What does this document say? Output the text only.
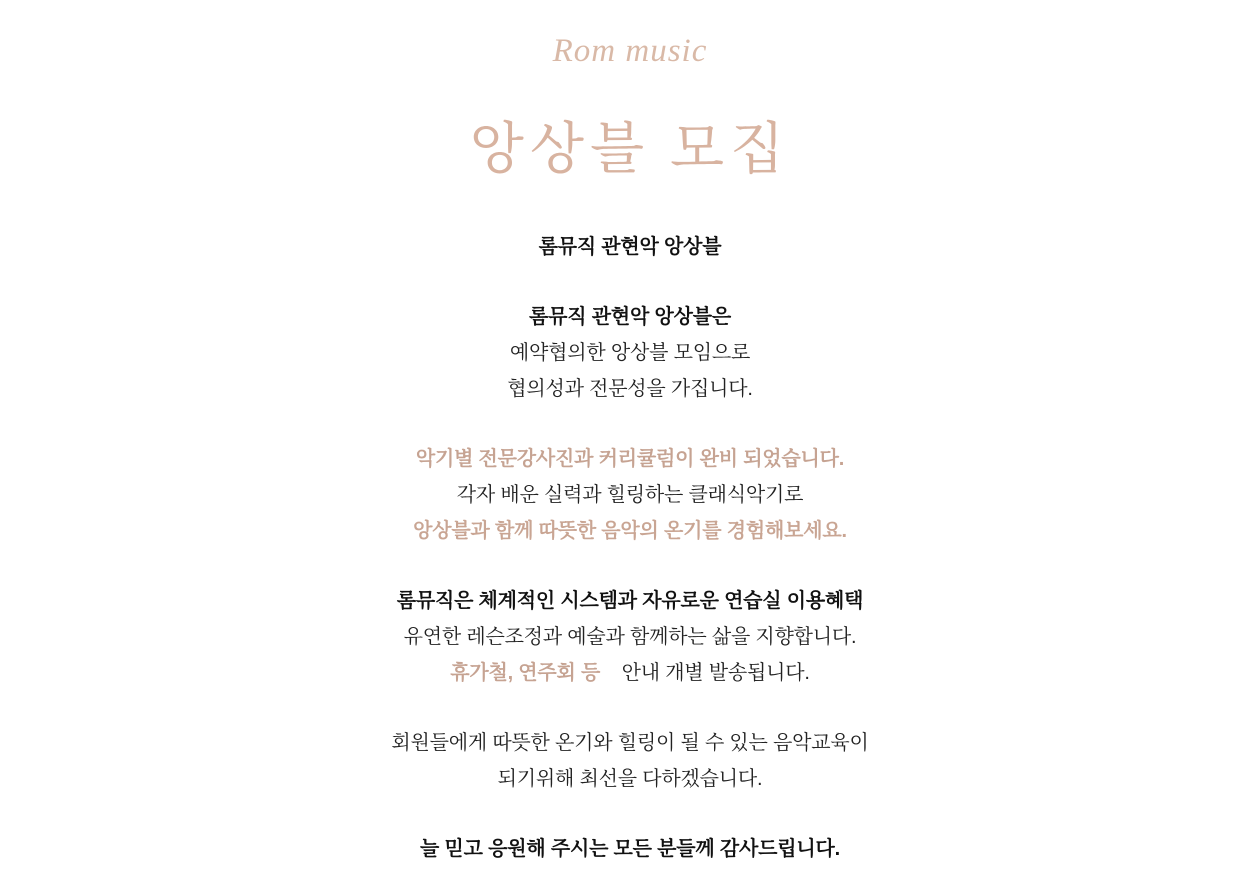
Rom music
앙상블 모집
롬뮤직 관현악 앙상블
롬뮤직 관현악 앙상블은
예약협의한 앙상블 모임으로
협의성과 전문성을 가집니다.
악기별 전문강사진과 커리큘럼이 완비 되었습니다.
각자 배운 실력과 힐링하는 클래식악기로
앙상블과 함께 따뜻한 음악의 온기를 경험해보세요.
롬뮤직은 체계적인 시스템과 자유로운 연습실 이용혜택
유연한 레슨조정과 예술과 함께하는 삶을 지향합니다.
휴가철, 연주회 등 안내 개별 발송됩니다.
회원들에게 따뜻한 온기와 힐링이 될 수 있는 음악교육이
되기위해 최선을 다하겠습니다.
늘 믿고 응원해 주시는 모든 분들께 감사드립니다.
